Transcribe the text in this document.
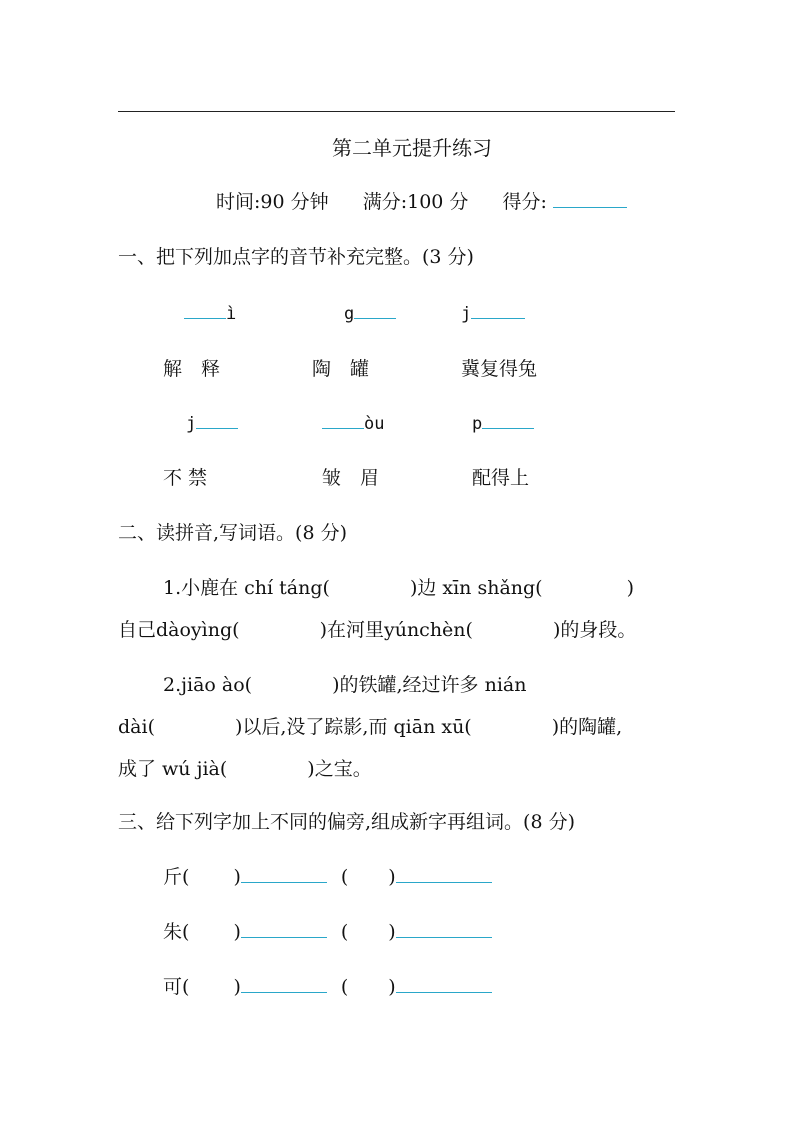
第二单元提升练习
时间:90 分钟 满分:100 分 得分:
一、把下列加点字的音节补充完整。(3 分)
ì	g	j
解　释	陶　罐	冀复得兔
j	òu	p
不 禁	皱　眉	配得上
二、读拼音,写词语。(8 分)
1.小鹿在 chí táng(	)边 xīn shǎng(	)
自己dàoyìng(	)在河里yúnchèn(	)的身段。
2.jiāo ào(	)的铁罐,经过许多 nián
dài(	)以后,没了踪影,而 qiān xū(	)的陶罐,
成了 wú jià(	)之宝。
三、给下列字加上不同的偏旁,组成新字再组词。(8 分)
斤( )	( )
朱( )	( )
可( )	( )
